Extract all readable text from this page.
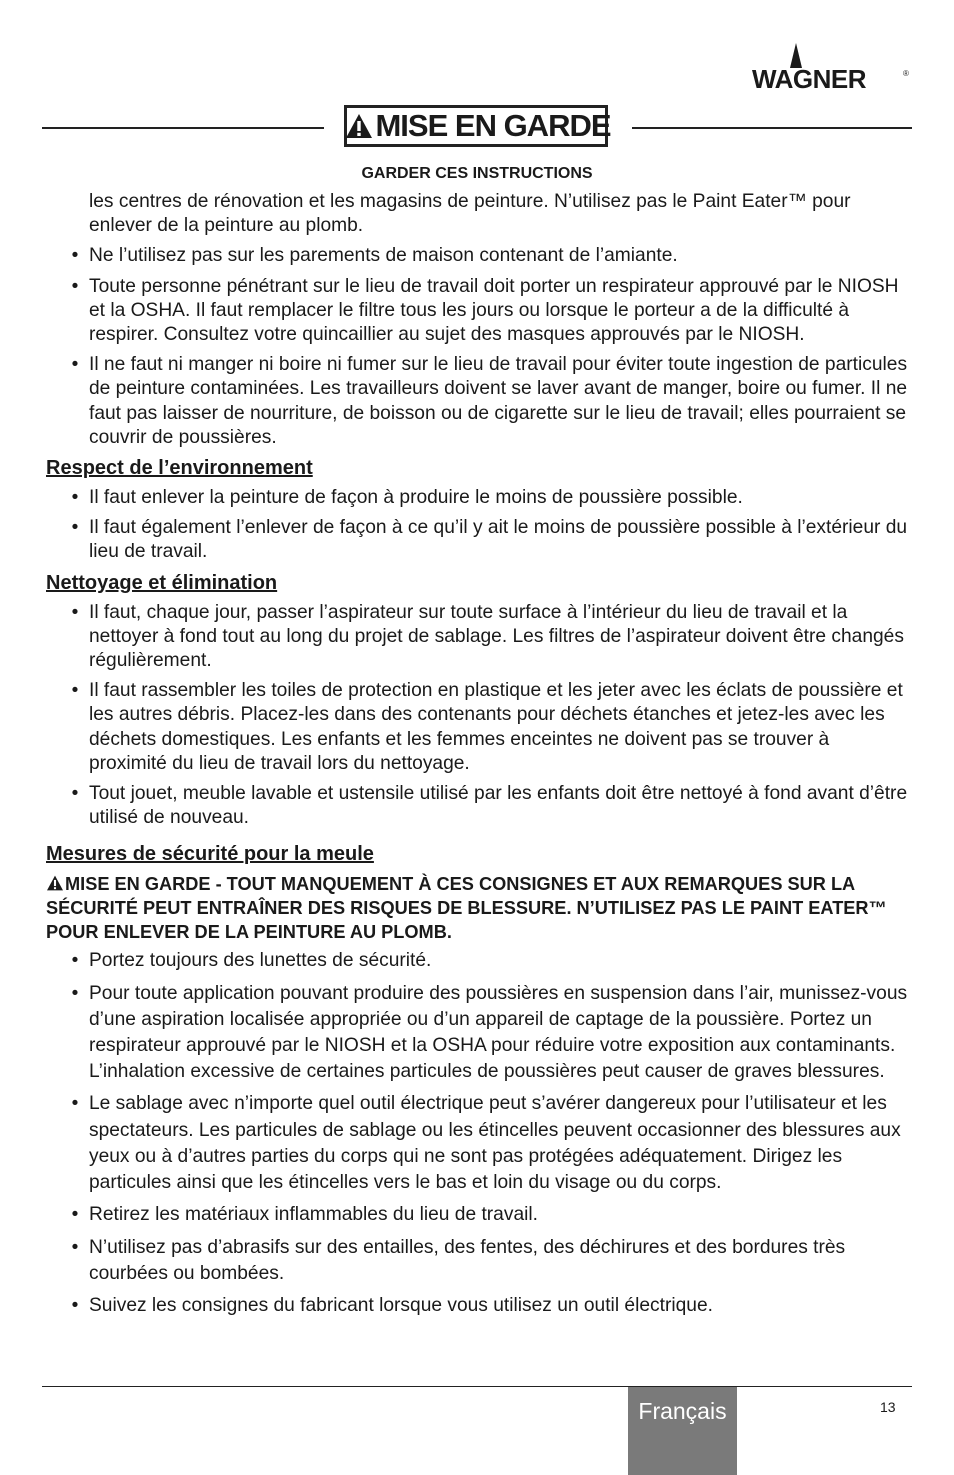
WAGNER	®
MISE EN GARDE
GARDER CES INSTRUCTIONS

les centres de rénovation et les magasins de peinture. N’utilisez pas le Paint Eater™ pour enlever de la peinture au plomb.

• Ne l’utilisez pas sur les parements de maison contenant de l’amiante.
• Toute personne pénétrant sur le lieu de travail doit porter un respirateur approuvé par le NIOSH et la OSHA. Il faut remplacer le filtre tous les jours ou lorsque le porteur a de la difficulté à respirer. Consultez votre quincaillier au sujet des masques approuvés par le NIOSH.
• Il ne faut ni manger ni boire ni fumer sur le lieu de travail pour éviter toute ingestion de particules de peinture contaminées. Les travailleurs doivent se laver avant de manger, boire ou fumer. Il ne faut pas laisser de nourriture, de boisson ou de cigarette sur le lieu de travail; elles pourraient se couvrir de poussières.

Respect de l’environnement

• Il faut enlever la peinture de façon à produire le moins de poussière possible.
• Il faut également l’enlever de façon à ce qu’il y ait le moins de poussière possible à l’extérieur du lieu de travail.

Nettoyage et élimination

• Il faut, chaque jour, passer l’aspirateur sur toute surface à l’intérieur du lieu de travail et la nettoyer à fond tout au long du projet de sablage. Les filtres de l’aspirateur doivent être changés régulièrement.
• Il faut rassembler les toiles de protection en plastique et les jeter avec les éclats de poussière et les autres débris. Placez-les dans des contenants pour déchets étanches et jetez-les avec les déchets domestiques. Les enfants et les femmes enceintes ne doivent pas se trouver à proximité du lieu de travail lors du nettoyage.
• Tout jouet, meuble lavable et ustensile utilisé par les enfants doit être nettoyé à fond avant d’être utilisé de nouveau.

Mesures de sécurité pour la meule

MISE EN GARDE - TOUT MANQUEMENT À CES CONSIGNES ET AUX REMARQUES SUR LA SÉCURITÉ PEUT ENTRAÎNER DES RISQUES DE BLESSURE. N’UTILISEZ PAS LE PAINT EATER™ POUR ENLEVER DE LA PEINTURE AU PLOMB.

• Portez toujours des lunettes de sécurité.
• Pour toute application pouvant produire des poussières en suspension dans l’air, munissez-vous d’une aspiration localisée appropriée ou d’un appareil de captage de la poussière. Portez un respirateur approuvé par le NIOSH et la OSHA pour réduire votre exposition aux contaminants. L’inhalation excessive de certaines particules de poussières peut causer de graves blessures.
• Le sablage avec n’importe quel outil électrique peut s’avérer dangereux pour l’utilisateur et les spectateurs. Les particules de sablage ou les étincelles peuvent occasionner des blessures aux yeux ou à d’autres parties du corps qui ne sont pas protégées adéquatement. Dirigez les particules ainsi que les étincelles vers le bas et loin du visage ou du corps.
• Retirez les matériaux inflammables du lieu de travail.
• N’utilisez pas d’abrasifs sur des entailles, des fentes, des déchirures et des bordures très courbées ou bombées.
• Suivez les consignes du fabricant lorsque vous utilisez un outil électrique.
Français	13
